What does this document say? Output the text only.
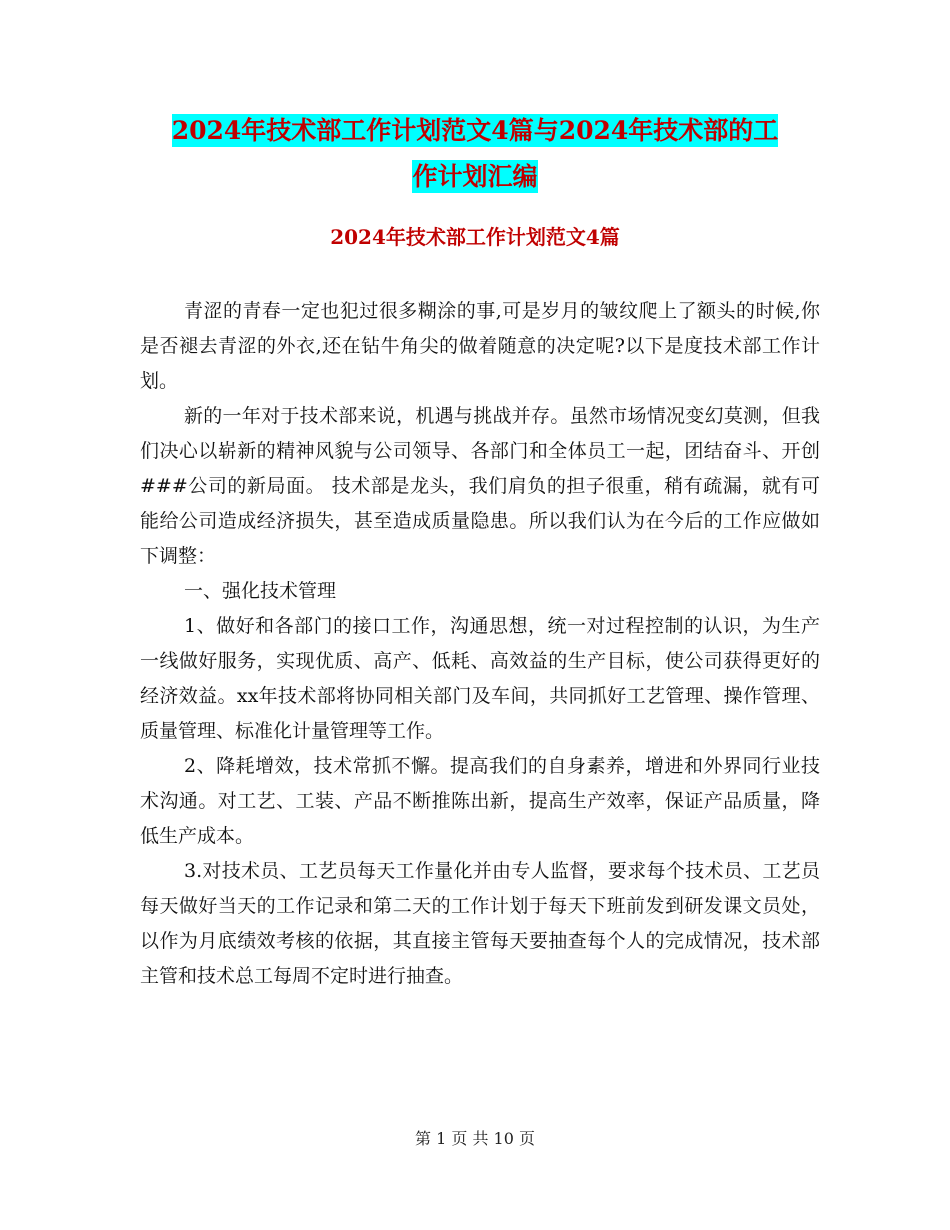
2024年技术部工作计划范文4篇与2024年技术部的工
作计划汇编
2024年技术部工作计划范文4篇

青涩的青春一定也犯过很多糊涂的事,可是岁月的皱纹爬上了额头的时候,你是否褪去青涩的外衣,还在钻牛角尖的做着随意的决定呢?以下是度技术部工作计划。

新的一年对于技术部来说，机遇与挑战并存。虽然市场情况变幻莫测，但我们决心以崭新的精神风貌与公司领导、各部门和全体员工一起，团结奋斗、开创###公司的新局面。 技术部是龙头，我们肩负的担子很重，稍有疏漏，就有可能给公司造成经济损失，甚至造成质量隐患。所以我们认为在今后的工作应做如下调整：

一、强化技术管理

1、做好和各部门的接口工作，沟通思想，统一对过程控制的认识，为生产一线做好服务，实现优质、高产、低耗、高效益的生产目标，使公司获得更好的经济效益。xx年技术部将协同相关部门及车间，共同抓好工艺管理、操作管理、质量管理、标准化计量管理等工作。

2、降耗增效，技术常抓不懈。提高我们的自身素养，增进和外界同行业技术沟通。对工艺、工装、产品不断推陈出新，提高生产效率，保证产品质量，降低生产成本。

3.对技术员、工艺员每天工作量化并由专人监督，要求每个技术员、工艺员每天做好当天的工作记录和第二天的工作计划于每天下班前发到研发课文员处，以作为月底绩效考核的依据，其直接主管每天要抽查每个人的完成情况，技术部主管和技术总工每周不定时进行抽查。

第 1 页 共 10 页
